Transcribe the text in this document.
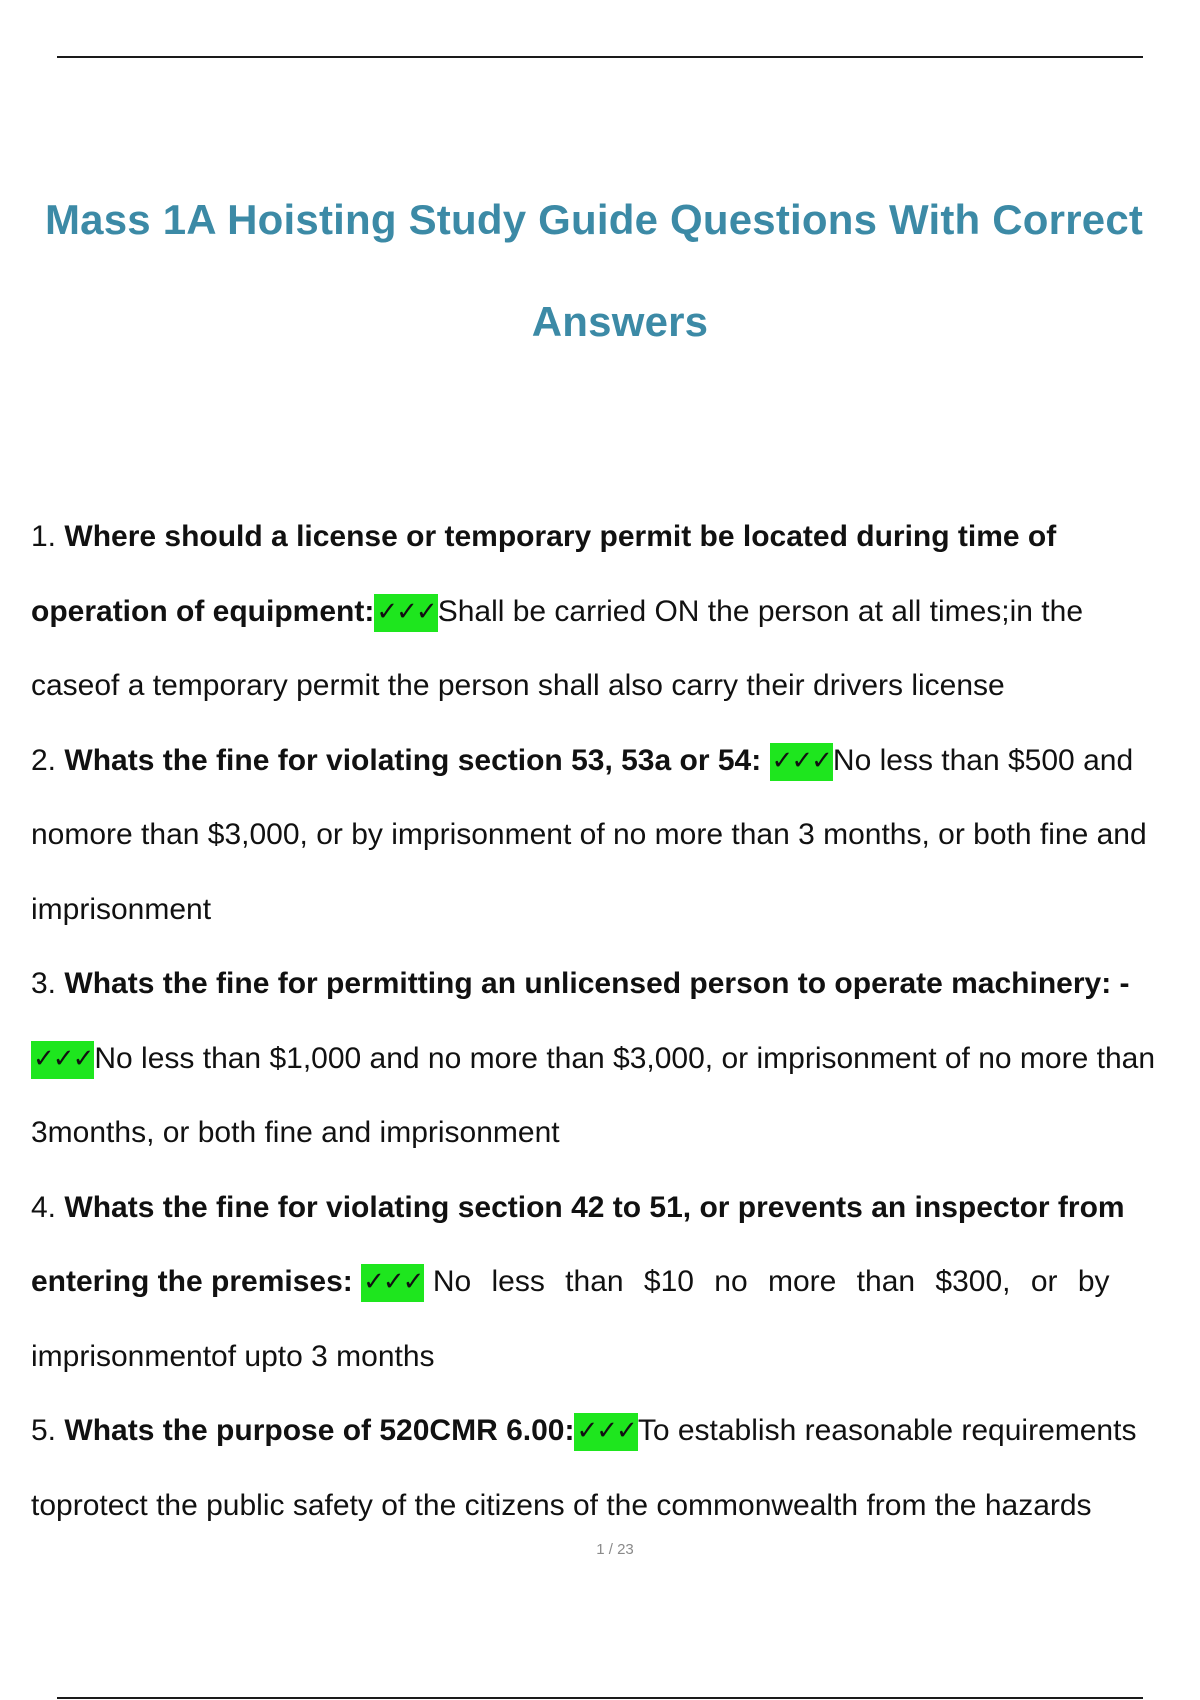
Mass 1A Hoisting Study Guide Questions With Correct
Answers
1. Where should a license or temporary permit be located during time of
operation of equipment:✓✓✓Shall be carried ON the person at all times;in the
caseof a temporary permit the person shall also carry their drivers license
2. Whats the fine for violating section 53, 53a or 54: ✓✓✓No less than $500 and
nomore than $3,000, or by imprisonment of no more than 3 months, or both fine and
imprisonment
3. Whats the fine for permitting an unlicensed person to operate machinery: -
✓✓✓No less than $1,000 and no more than $3,000, or imprisonment of no more than
3months, or both fine and imprisonment
4. Whats the fine for violating section 42 to 51, or prevents an inspector from
entering the premises: ✓✓✓ No less than $10 no more than $300, or by
imprisonmentof upto 3 months
5. Whats the purpose of 520CMR 6.00:✓✓✓To establish reasonable requirements
toprotect the public safety of the citizens of the commonwealth from the hazards
1 / 23
